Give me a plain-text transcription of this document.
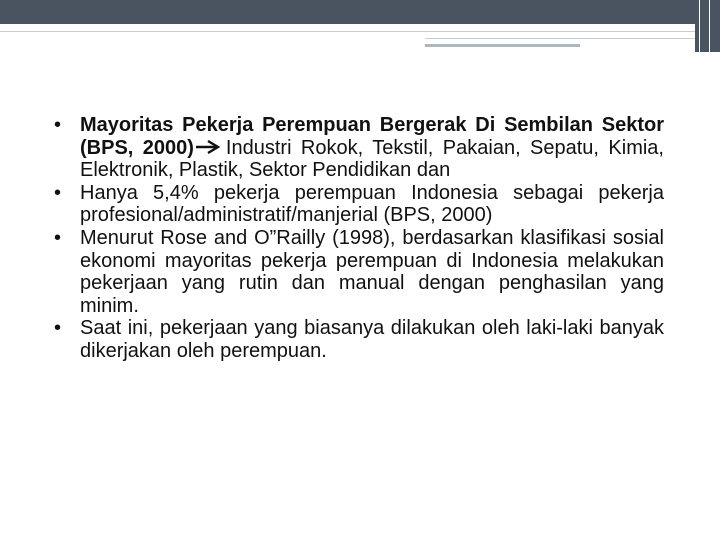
• Mayoritas Pekerja Perempuan Bergerak Di Sembilan Sektor (BPS, 2000) Industri Rokok, Tekstil, Pakaian, Sepatu, Kimia, Elektronik, Plastik, Sektor Pendidikan dan
• Hanya 5,4% pekerja perempuan Indonesia sebagai pekerja profesional/administratif/manjerial (BPS, 2000)
• Menurut Rose and O”Railly (1998), berdasarkan klasifikasi sosial ekonomi mayoritas pekerja perempuan di Indonesia melakukan pekerjaan yang rutin dan manual dengan penghasilan yang minim.
• Saat ini, pekerjaan yang biasanya dilakukan oleh laki-laki banyak dikerjakan oleh perempuan.
